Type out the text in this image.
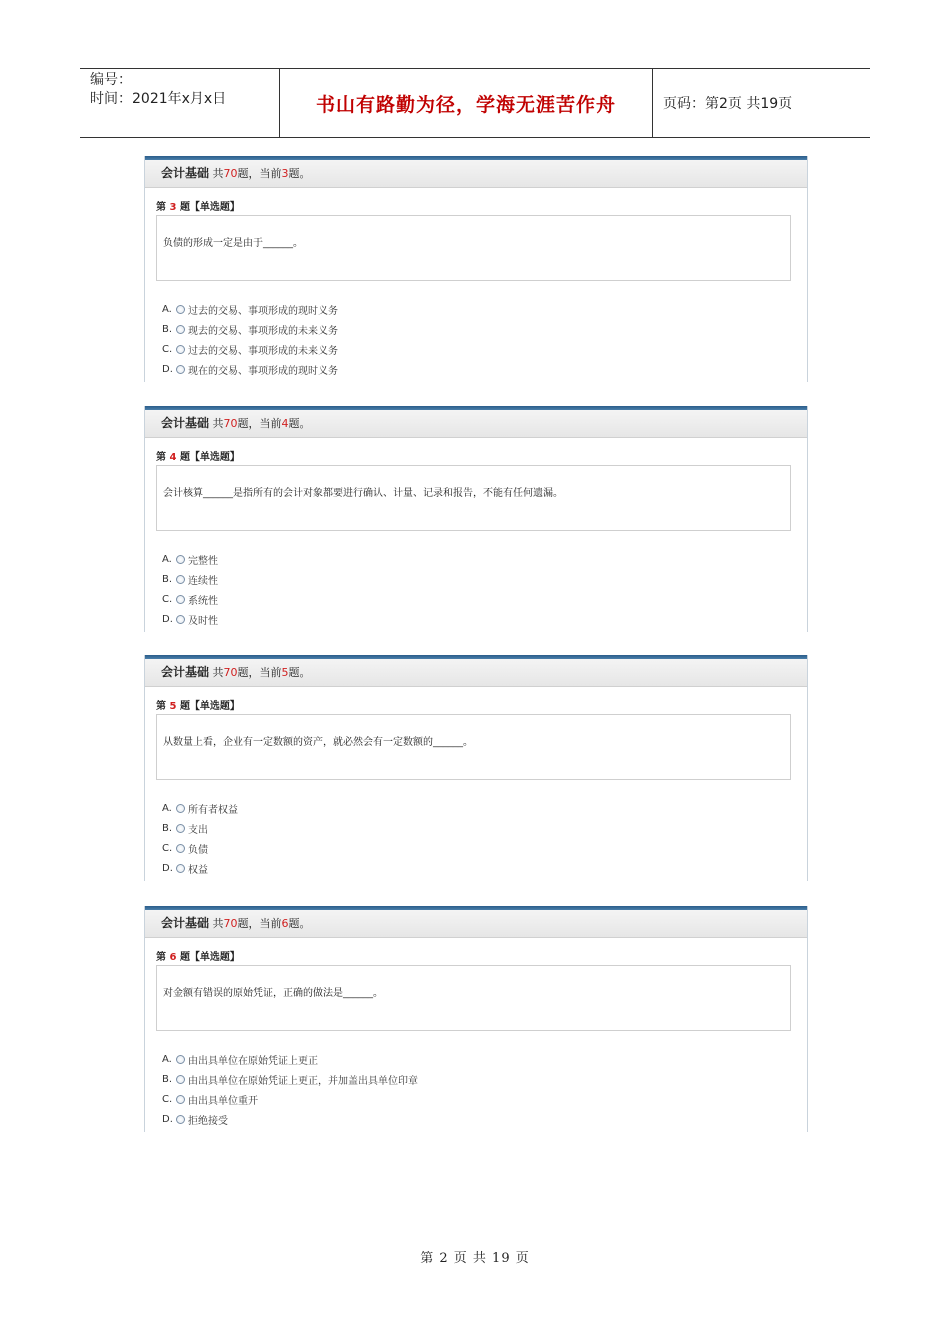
编号：
时间：2021年x月x日	书山有路勤为径，学海无涯苦作舟	页码：第2页 共19页
会计基础 共70题，当前3题。
第 3 题【单选题】
负债的形成一定是由于______。
A.	过去的交易、事项形成的现时义务
B.	现去的交易、事项形成的未来义务
C.	过去的交易、事项形成的未来义务
D.	现在的交易、事项形成的现时义务
会计基础 共70题，当前4题。
第 4 题【单选题】
会计核算______是指所有的会计对象都要进行确认、计量、记录和报告，不能有任何遗漏。
A.	完整性
B.	连续性
C.	系统性
D.	及时性
会计基础 共70题，当前5题。
第 5 题【单选题】
从数量上看，企业有一定数额的资产，就必然会有一定数额的______。
A.	所有者权益
B.	支出
C.	负债
D.	权益
会计基础 共70题，当前6题。
第 6 题【单选题】
对金额有错误的原始凭证，正确的做法是______。
A.	由出具单位在原始凭证上更正
B.	由出具单位在原始凭证上更正，并加盖出具单位印章
C.	由出具单位重开
D.	拒绝接受
第 2 页 共 19 页
